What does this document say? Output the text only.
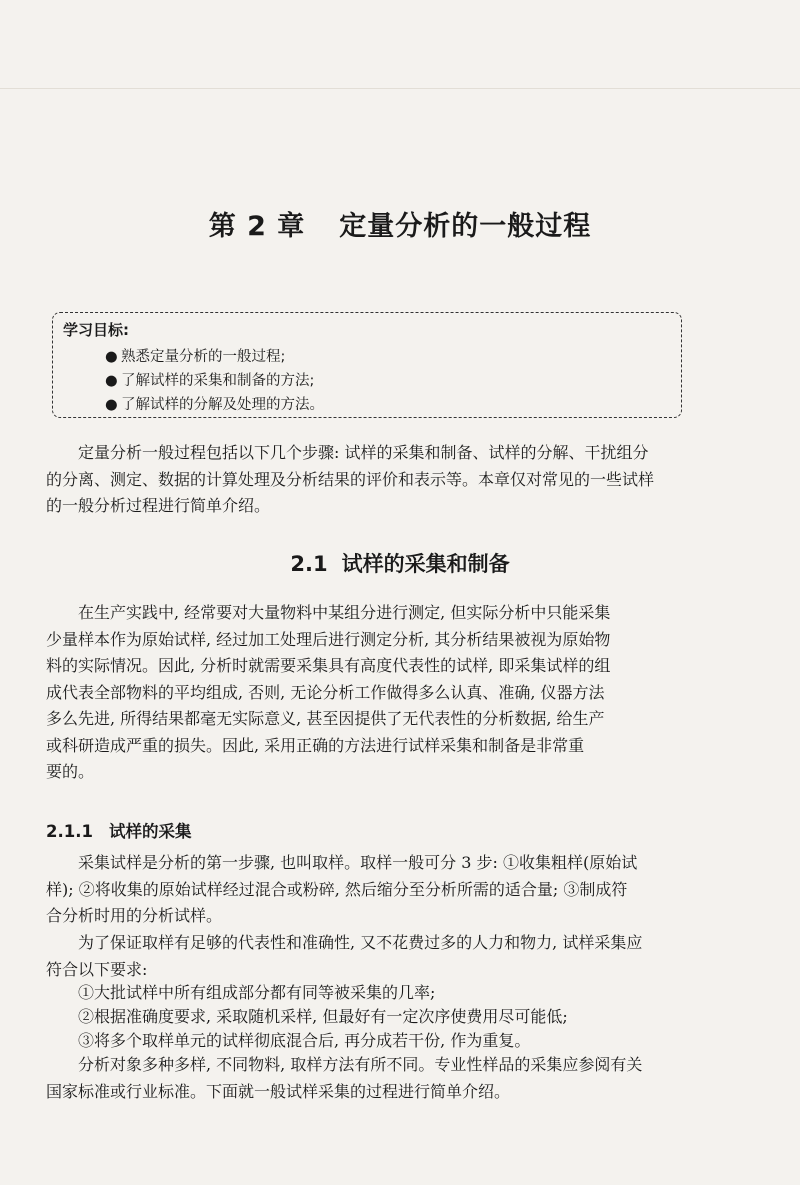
第 2 章 定量分析的一般过程
学习目标:
● 熟悉定量分析的一般过程;
● 了解试样的采集和制备的方法;
● 了解试样的分解及处理的方法。

定量分析一般过程包括以下几个步骤: 试样的采集和制备、试样的分解、干扰组分
的分离、测定、数据的计算处理及分析结果的评价和表示等。本章仅对常见的一些试样
的一般分析过程进行简单介绍。

2.1 试样的采集和制备

在生产实践中, 经常要对大量物料中某组分进行测定, 但实际分析中只能采集
少量样本作为原始试样, 经过加工处理后进行测定分析, 其分析结果被视为原始物
料的实际情况。因此, 分析时就需要采集具有高度代表性的试样, 即采集试样的组
成代表全部物料的平均组成, 否则, 无论分析工作做得多么认真、准确, 仪器方法
多么先进, 所得结果都毫无实际意义, 甚至因提供了无代表性的分析数据, 给生产
或科研造成严重的损失。因此, 采用正确的方法进行试样采集和制备是非常重
要的。

2.1.1 试样的采集

采集试样是分析的第一步骤, 也叫取样。取样一般可分 3 步: ①收集粗样(原始试
样); ②将收集的原始试样经过混合或粉碎, 然后缩分至分析所需的适合量; ③制成符
合分析时用的分析试样。

为了保证取样有足够的代表性和准确性, 又不花费过多的人力和物力, 试样采集应
符合以下要求:

①大批试样中所有组成部分都有同等被采集的几率;
②根据准确度要求, 采取随机采样, 但最好有一定次序使费用尽可能低;
③将多个取样单元的试样彻底混合后, 再分成若干份, 作为重复。

分析对象多种多样, 不同物料, 取样方法有所不同。专业性样品的采集应参阅有关
国家标准或行业标准。下面就一般试样采集的过程进行简单介绍。
